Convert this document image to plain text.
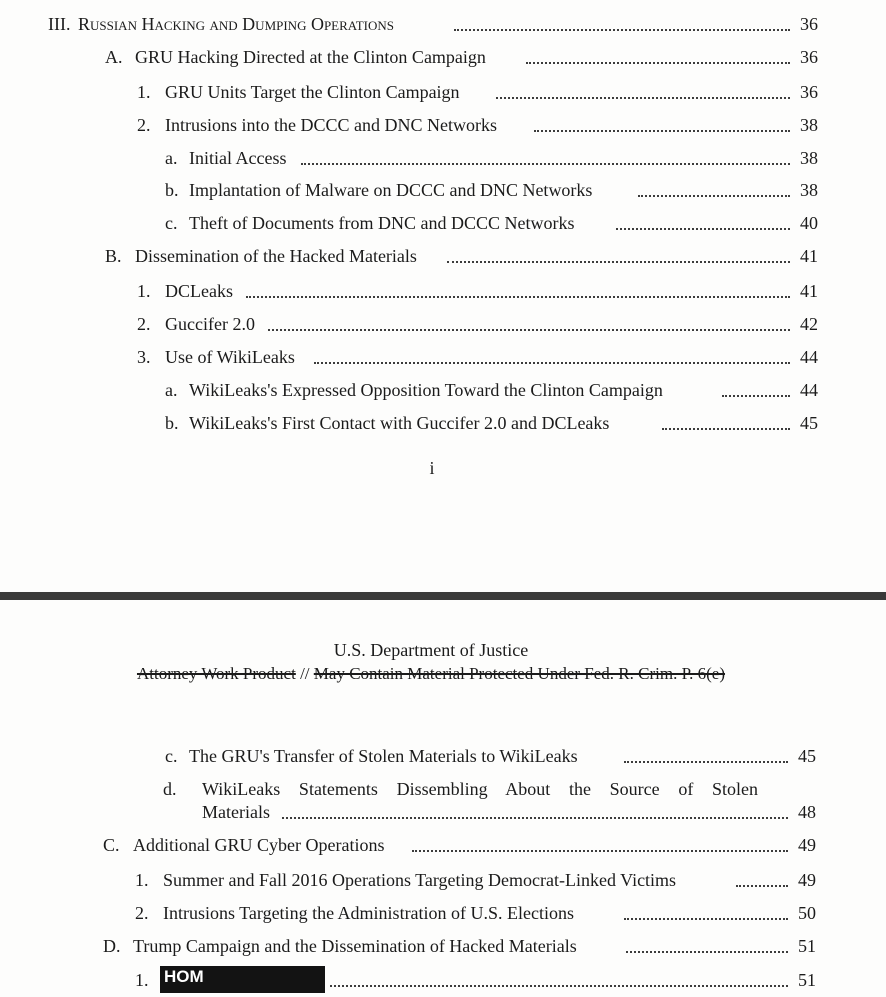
III. Russian Hacking and Dumping Operations	36
A. GRU Hacking Directed at the Clinton Campaign	36
1. GRU Units Target the Clinton Campaign	36
2. Intrusions into the DCCC and DNC Networks	38
a. Initial Access	38
b. Implantation of Malware on DCCC and DNC Networks	38
c. Theft of Documents from DNC and DCCC Networks	40
B. Dissemination of the Hacked Materials	41
1. DCLeaks	41
2. Guccifer 2.0	42
3. Use of WikiLeaks	44
a. WikiLeaks's Expressed Opposition Toward the Clinton Campaign	44
b. WikiLeaks's First Contact with Guccifer 2.0 and DCLeaks	45
i
U.S. Department of Justice
Attorney Work Product // May Contain Material Protected Under Fed. R. Crim. P. 6(e)
c. The GRU's Transfer of Stolen Materials to WikiLeaks	45
d. WikiLeaks Statements Dissembling About the Source of Stolen
Materials	48
C. Additional GRU Cyber Operations	49
1. Summer and Fall 2016 Operations Targeting Democrat-Linked Victims	49
2. Intrusions Targeting the Administration of U.S. Elections	50
D. Trump Campaign and the Dissemination of Hacked Materials	51
1.	51
HOM
